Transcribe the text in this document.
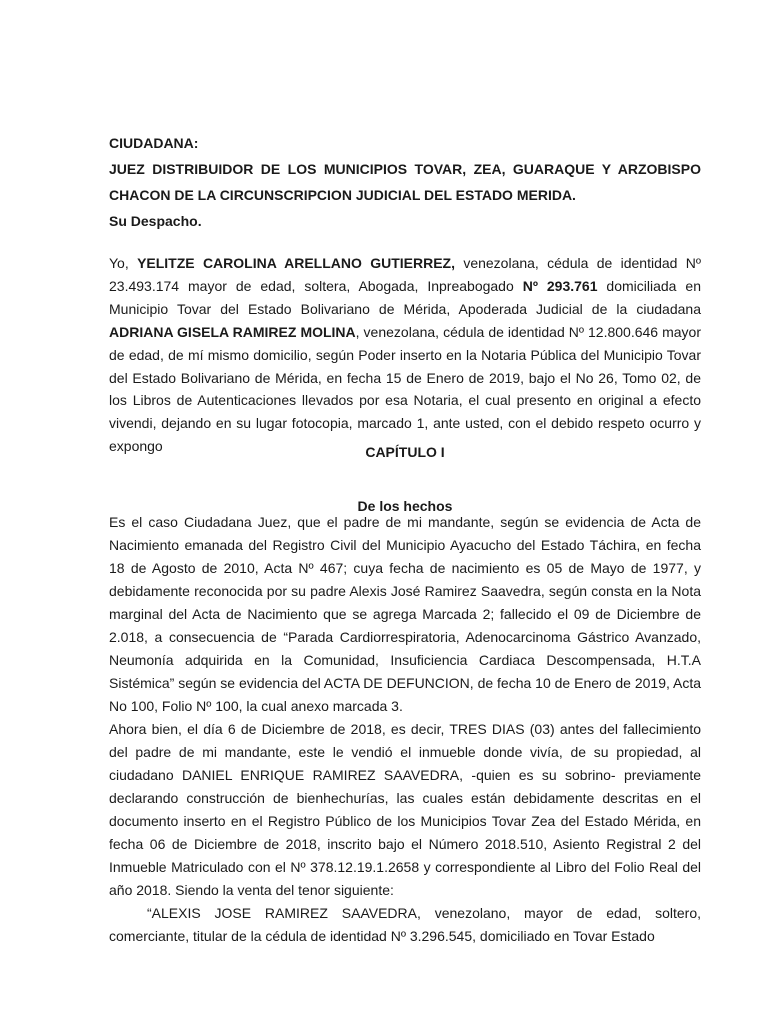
CIUDADANA:

JUEZ DISTRIBUIDOR DE LOS MUNICIPIOS TOVAR, ZEA, GUARAQUE Y ARZOBISPO CHACON DE LA CIRCUNSCRIPCION JUDICIAL DEL ESTADO MERIDA.

Su Despacho.

Yo, YELITZE CAROLINA ARELLANO GUTIERREZ, venezolana, cédula de identidad Nº 23.493.174 mayor de edad, soltera, Abogada, Inpreabogado Nº 293.761 domiciliada en Municipio Tovar del Estado Bolivariano de Mérida, Apoderada Judicial de la ciudadana ADRIANA GISELA RAMIREZ MOLINA, venezolana, cédula de identidad Nº 12.800.646 mayor de edad, de mí mismo domicilio, según Poder inserto en la Notaria Pública del Municipio Tovar del Estado Bolivariano de Mérida, en fecha 15 de Enero de 2019, bajo el No 26, Tomo 02, de los Libros de Autenticaciones llevados por esa Notaria, el cual presento en original a efecto vivendi, dejando en su lugar fotocopia, marcado 1, ante usted, con el debido respeto ocurro y expongo	CAPÍTULO I

De los hechos

Es el caso Ciudadana Juez, que el padre de mi mandante, según se evidencia de Acta de Nacimiento emanada del Registro Civil del Municipio Ayacucho del Estado Táchira, en fecha 18 de Agosto de 2010, Acta Nº 467; cuya fecha de nacimiento es 05 de Mayo de 1977, y debidamente reconocida por su padre Alexis José Ramirez Saavedra, según consta en la Nota marginal del Acta de Nacimiento que se agrega Marcada 2; fallecido el 09 de Diciembre de 2.018, a consecuencia de “Parada Cardiorrespiratoria, Adenocarcinoma Gástrico Avanzado, Neumonía adquirida en la Comunidad, Insuficiencia Cardiaca Descompensada, H.T.A Sistémica” según se evidencia del ACTA DE DEFUNCION, de fecha 10 de Enero de 2019, Acta No 100, Folio Nº 100, la cual anexo marcada 3.

Ahora bien, el día 6 de Diciembre de 2018, es decir, TRES DIAS (03) antes del fallecimiento del padre de mi mandante, este le vendió el inmueble donde vivía, de su propiedad, al ciudadano DANIEL ENRIQUE RAMIREZ SAAVEDRA, -quien es su sobrino- previamente declarando construcción de bienhechurías, las cuales están debidamente descritas en el documento inserto en el Registro Público de los Municipios Tovar Zea del Estado Mérida, en fecha 06 de Diciembre de 2018, inscrito bajo el Número 2018.510, Asiento Registral 2 del Inmueble Matriculado con el Nº 378.12.19.1.2658 y correspondiente al Libro del Folio Real del año 2018. Siendo la venta del tenor siguiente:

“ALEXIS JOSE RAMIREZ SAAVEDRA, venezolano, mayor de edad, soltero, comerciante, titular de la cédula de identidad Nº 3.296.545, domiciliado en Tovar Estado
